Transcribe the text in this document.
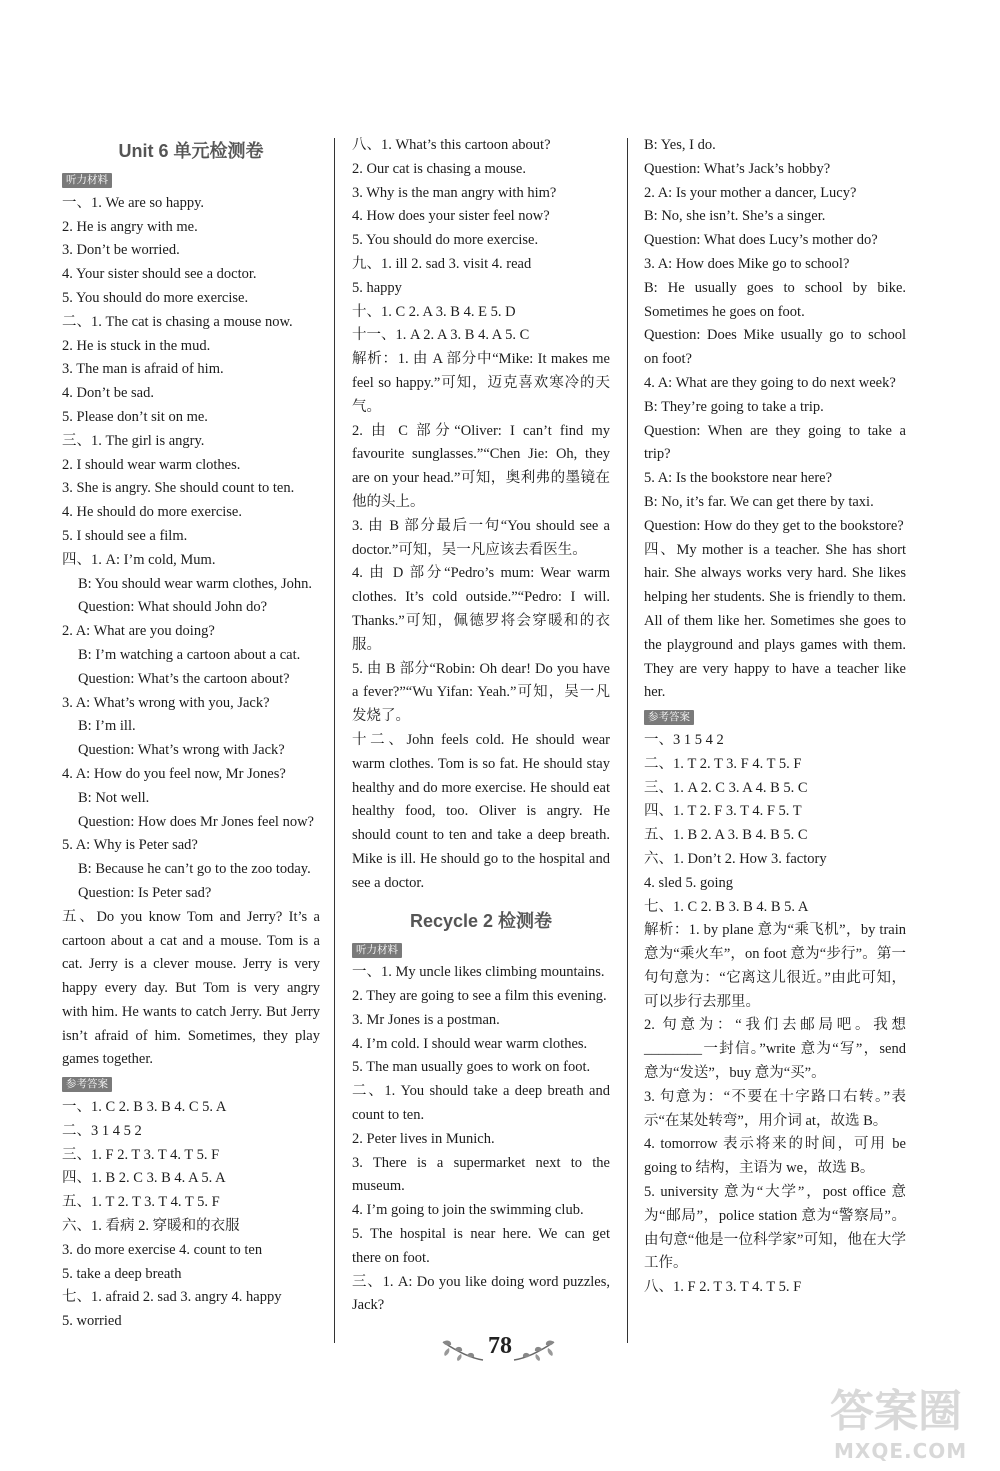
Unit 6 单元检测卷
听力材料
一、1. We are so happy.
2. He is angry with me.
3. Don’t be worried.
4. Your sister should see a doctor.
5. You should do more exercise.
二、1. The cat is chasing a mouse now.
2. He is stuck in the mud.
3. The man is afraid of him.
4. Don’t be sad.
5. Please don’t sit on me.
三、1. The girl is angry.
2. I should wear warm clothes.
3. She is angry. She should count to ten.
4. He should do more exercise.
5. I should see a film.
四、1. A: I’m cold, Mum.
B: You should wear warm clothes, John.
Question: What should John do?
2. A: What are you doing?
B: I’m watching a cartoon about a cat.
Question: What’s the cartoon about?
3. A: What’s wrong with you, Jack?
B: I’m ill.
Question: What’s wrong with Jack?
4. A: How do you feel now, Mr Jones?
B: Not well.
Question: How does Mr Jones feel now?
5. A: Why is Peter sad?
B: Because he can’t go to the zoo today.
Question: Is Peter sad?
五、Do you know Tom and Jerry? It’s a cartoon about a cat and a mouse. Tom is a cat. Jerry is a clever mouse. Jerry is very happy every day. But Tom is very angry with him. He wants to catch Jerry. But Jerry isn’t afraid of him. Sometimes, they play games together.
参考答案
一、1. C 2. B 3. B 4. C 5. A
二、3 1 4 5 2
三、1. F 2. T 3. T 4. T 5. F
四、1. B 2. C 3. B 4. A 5. A
五、1. T 2. T 3. T 4. T 5. F
六、1. 看病 2. 穿暖和的衣服
3. do more exercise 4. count to ten
5. take a deep breath
七、1. afraid 2. sad 3. angry 4. happy
5. worried
八、1. What’s this cartoon about?
2. Our cat is chasing a mouse.
3. Why is the man angry with him?
4. How does your sister feel now?
5. You should do more exercise.
九、1. ill 2. sad 3. visit 4. read
5. happy
十、1. C 2. A 3. B 4. E 5. D
十一、1. A 2. A 3. B 4. A 5. C
解析：1. 由 A 部分中“Mike: It makes me feel so happy.”可知，迈克喜欢寒冷的天气。
2. 由 C 部分“Oliver: I can’t find my favourite sunglasses.”“Chen Jie: Oh, they are on your head.”可知，奥利弗的墨镜在他的头上。
3. 由 B 部分最后一句“You should see a doctor.”可知，吴一凡应该去看医生。
4. 由 D 部分“Pedro’s mum: Wear warm clothes. It’s cold outside.”“Pedro: I will. Thanks.”可知，佩德罗将会穿暖和的衣服。
5. 由 B 部分“Robin: Oh dear! Do you have a fever?”“Wu Yifan: Yeah.”可知，吴一凡发烧了。
十二、John feels cold. He should wear warm clothes. Tom is so fat. He should stay healthy and do more exercise. He should eat healthy food, too. Oliver is angry. He should count to ten and take a deep breath. Mike is ill. He should go to the hospital and see a doctor.
Recycle 2 检测卷
听力材料
一、1. My uncle likes climbing mountains.
2. They are going to see a film this evening.
3. Mr Jones is a postman.
4. I’m cold. I should wear warm clothes.
5. The man usually goes to work on foot.
二、1. You should take a deep breath and count to ten.
2. Peter lives in Munich.
3. There is a supermarket next to the museum.
4. I’m going to join the swimming club.
5. The hospital is near here. We can get there on foot.
三、1. A: Do you like doing word puzzles, Jack?
B: Yes, I do.
Question: What’s Jack’s hobby?
2. A: Is your mother a dancer, Lucy?
B: No, she isn’t. She’s a singer.
Question: What does Lucy’s mother do?
3. A: How does Mike go to school?
B: He usually goes to school by bike. Sometimes he goes on foot.
Question: Does Mike usually go to school on foot?
4. A: What are they going to do next week?
B: They’re going to take a trip.
Question: When are they going to take a trip?
5. A: Is the bookstore near here?
B: No, it’s far. We can get there by taxi.
Question: How do they get to the bookstore?
四、My mother is a teacher. She has short hair. She always works very hard. She likes helping her students. She is friendly to them. All of them like her. Sometimes she goes to the playground and plays games with them. They are very happy to have a teacher like her.
参考答案
一、3 1 5 4 2
二、1. T 2. T 3. F 4. T 5. F
三、1. A 2. C 3. A 4. B 5. C
四、1. T 2. F 3. T 4. F 5. T
五、1. B 2. A 3. B 4. B 5. C
六、1. Don’t 2. How 3. factory
4. sled 5. going
七、1. C 2. B 3. B 4. B 5. A
解析：1. by plane 意为“乘飞机”，by train 意为“乘火车”，on foot 意为“步行”。第一句句意为：“它离这儿很近。”由此可知，可以步行去那里。
2. 句意为：“我们去邮局吧。我想________一封信。”write 意为“写”，send 意为“发送”，buy 意为“买”。
3. 句意为：“不要在十字路口右转。”表示“在某处转弯”，用介词 at，故选 B。
4. tomorrow 表示将来的时间，可用 be going to 结构，主语为 we，故选 B。
5. university 意为“大学”，post office 意为“邮局”，police station 意为“警察局”。由句意“他是一位科学家”可知，他在大学工作。
八、1. F 2. T 3. T 4. T 5. F
78
答案圈
MXQE.COM
